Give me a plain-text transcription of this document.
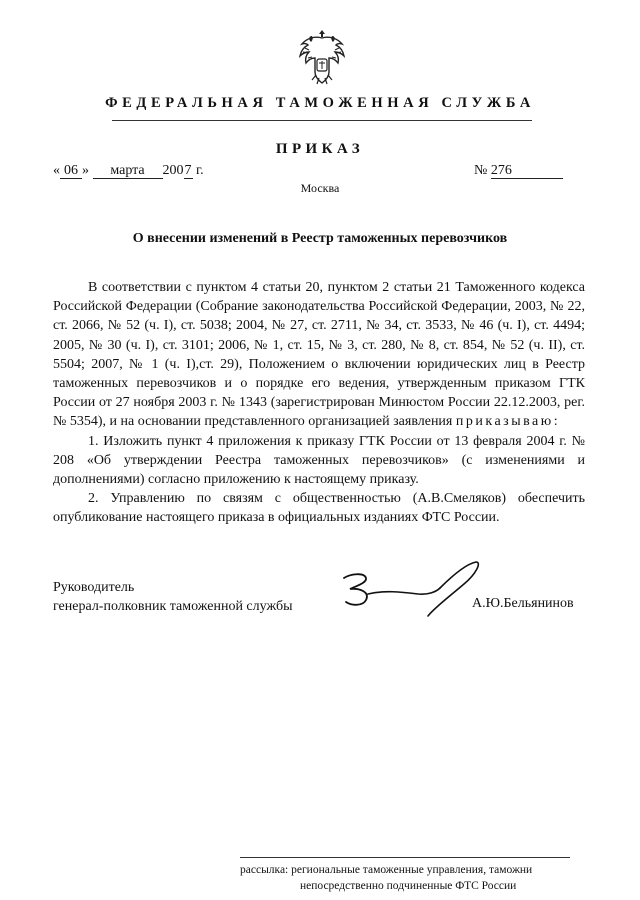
ФЕДЕРАЛЬНАЯ ТАМОЖЕННАЯ СЛУЖБА
ПРИКАЗ
« 06 » марта 2007 г.	№ 276
Москва
О внесении изменений в Реестр таможенных перевозчиков

В соответствии с пунктом 4 статьи 20, пунктом 2 статьи 21 Таможенного кодекса Российской Федерации (Собрание законодательства Российской Федерации, 2003, № 22, ст. 2066, № 52 (ч. I), ст. 5038; 2004, № 27, ст. 2711, № 34, ст. 3533, № 46 (ч. I), ст. 4494; 2005, № 30 (ч. I), ст. 3101; 2006, № 1, ст. 15, № 3, ст. 280, № 8, ст. 854, № 52 (ч. II), ст. 5504; 2007, № 1 (ч. I),ст. 29), Положением о включении юридических лиц в Реестр таможенных перевозчиков и о порядке его ведения, утвержденным приказом ГТК России от 27 ноября 2003 г. № 1343 (зарегистрирован Минюстом России 22.12.2003, рег. № 5354), и на основании представленного организацией заявления приказываю:

1. Изложить пункт 4 приложения к приказу ГТК России от 13 февраля 2004 г. № 208 «Об утверждении Реестра таможенных перевозчиков» (с изменениями и дополнениями) согласно приложению к настоящему приказу.

2. Управлению по связям с общественностью (А.В.Смеляков) обеспечить опубликование настоящего приказа в официальных изданиях ФТС России.

Руководитель
генерал-полковник таможенной службы	А.Ю.Бельянинов
рассылка: региональные таможенные управления, таможни
непосредственно подчиненные ФТС России
